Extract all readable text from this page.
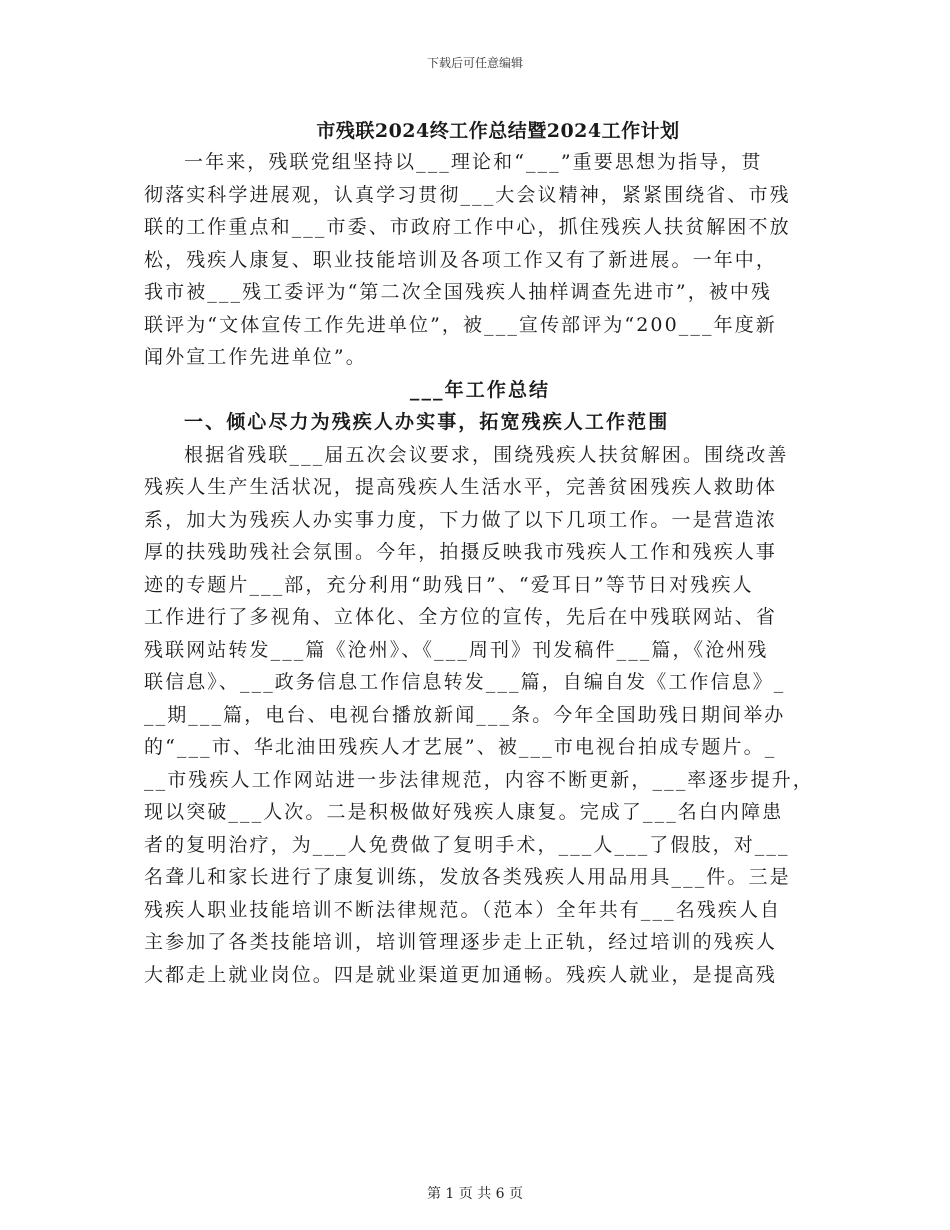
下载后可任意编辑
市残联2024终工作总结暨2024工作计划
一年来，残联党组坚持以___理论和“___”重要思想为指导，贯
彻落实科学进展观，认真学习贯彻___大会议精神，紧紧围绕省、市残
联的工作重点和___市委、市政府工作中心，抓住残疾人扶贫解困不放
松，残疾人康复、职业技能培训及各项工作又有了新进展。一年中，
我市被___残工委评为“第二次全国残疾人抽样调查先进市”，被中残
联评为“文体宣传工作先进单位”，被___宣传部评为“200___年度新
闻外宣工作先进单位”。
___年工作总结
一、倾心尽力为残疾人办实事，拓宽残疾人工作范围
根据省残联___届五次会议要求，围绕残疾人扶贫解困。围绕改善
残疾人生产生活状况，提高残疾人生活水平，完善贫困残疾人救助体
系，加大为残疾人办实事力度，下力做了以下几项工作。一是营造浓
厚的扶残助残社会氛围。今年，拍摄反映我市残疾人工作和残疾人事
迹的专题片___部，充分利用“助残日”、“爱耳日”等节日对残疾人
工作进行了多视角、立体化、全方位的宣传，先后在中残联网站、省
残联网站转发___篇《沧州》、《___周刊》刊发稿件___篇，《沧州残
联信息》、___政务信息工作信息转发___篇，自编自发《工作信息》_
__期___篇，电台、电视台播放新闻___条。今年全国助残日期间举办
的“___市、华北油田残疾人才艺展”、被___市电视台拍成专题片。_
__市残疾人工作网站进一步法律规范，内容不断更新，___率逐步提升，
现以突破___人次。二是积极做好残疾人康复。完成了___名白内障患
者的复明治疗，为___人免费做了复明手术，___人___了假肢，对___
名聋儿和家长进行了康复训练，发放各类残疾人用品用具___件。三是
残疾人职业技能培训不断法律规范。（范本）全年共有___名残疾人自
主参加了各类技能培训，培训管理逐步走上正轨，经过培训的残疾人
大都走上就业岗位。四是就业渠道更加通畅。残疾人就业，是提高残
第 1 页 共 6 页
